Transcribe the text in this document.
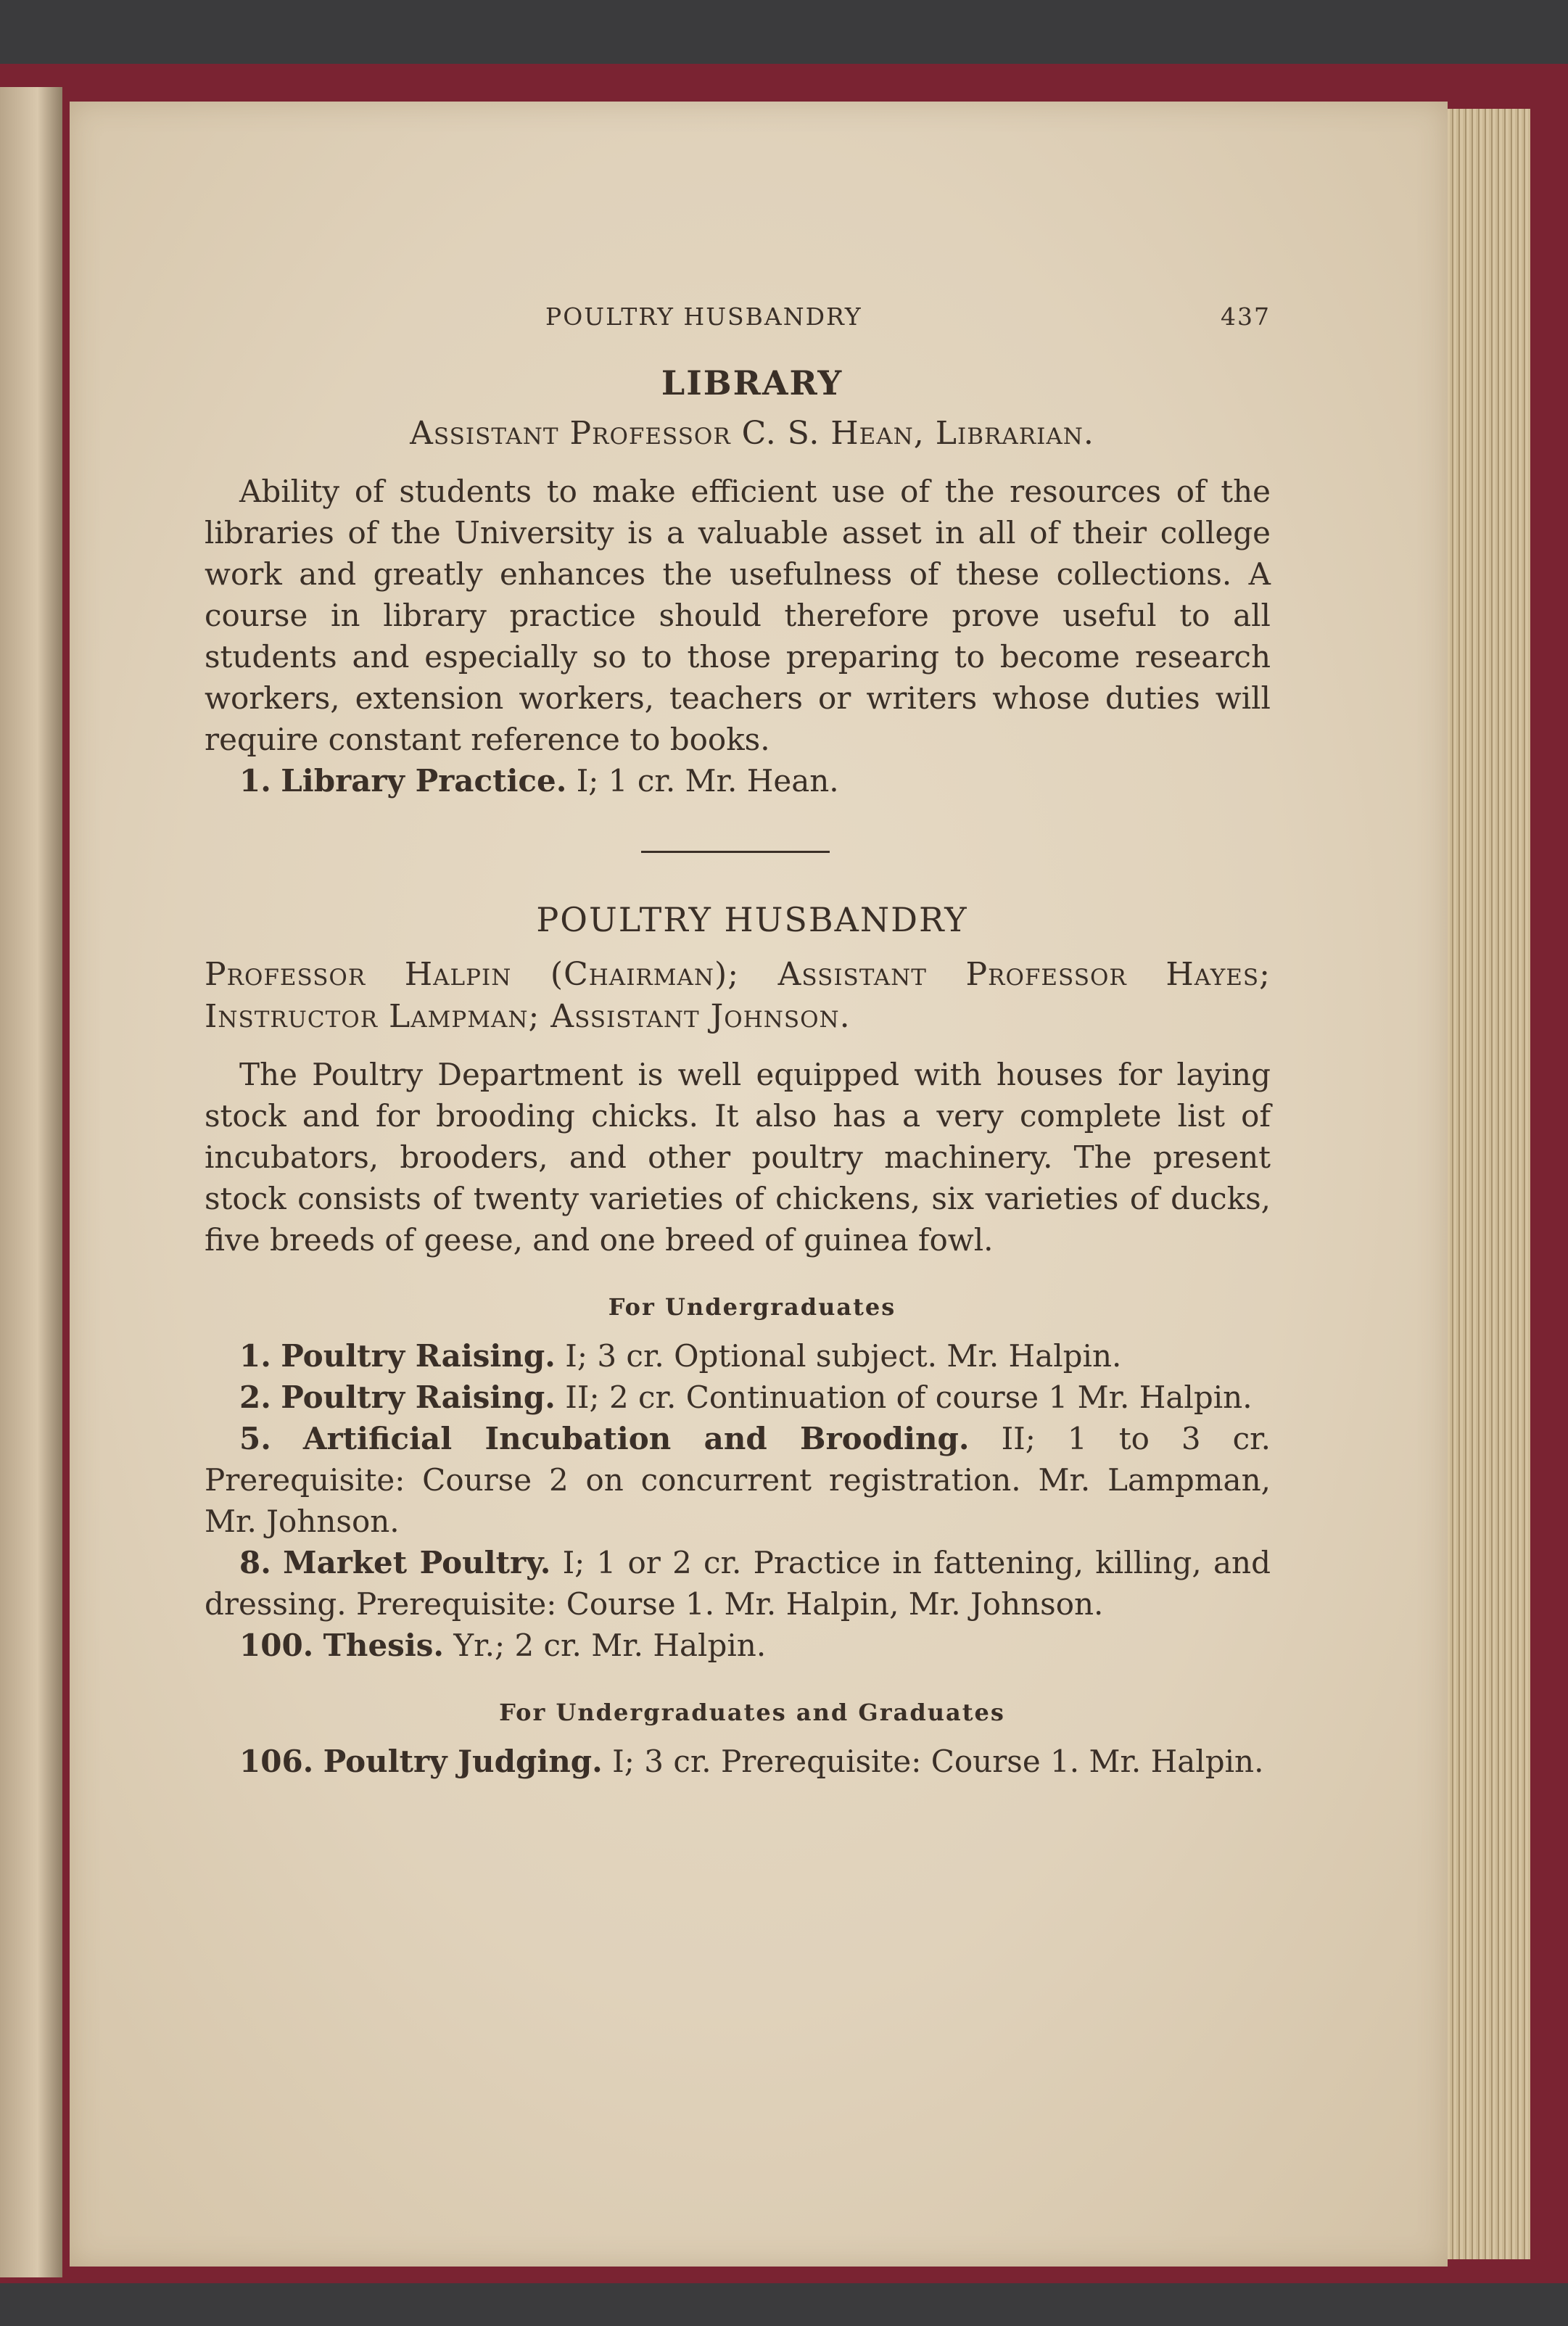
POULTRY HUSBANDRY	437
LIBRARY
Assistant Professor C. S. Hean, Librarian.

Ability of students to make efficient use of the resources of the libraries of the University is a valuable asset in all of their college work and greatly enhances the usefulness of these collections. A course in library practice should therefore prove useful to all students and especially so to those preparing to become research workers, extension workers, teachers or writers whose duties will require constant reference to books.

1. Library Practice. I; 1 cr. Mr. Hean.

POULTRY HUSBANDRY

Professor Halpin (Chairman); Assistant Professor Hayes; Instructor Lampman; Assistant Johnson.

The Poultry Department is well equipped with houses for laying stock and for brooding chicks. It also has a very complete list of incubators, brooders, and other poultry machinery. The present stock consists of twenty varieties of chickens, six varieties of ducks, five breeds of geese, and one breed of guinea fowl.

For Undergraduates

1. Poultry Raising. I; 3 cr. Optional subject. Mr. Halpin.

2. Poultry Raising. II; 2 cr. Continuation of course 1 Mr. Halpin.

5. Artificial Incubation and Brooding. II; 1 to 3 cr. Prerequisite: Course 2 on concurrent registration. Mr. Lampman, Mr. Johnson.

8. Market Poultry. I; 1 or 2 cr. Practice in fattening, killing, and dressing. Prerequisite: Course 1. Mr. Halpin, Mr. Johnson.

100. Thesis. Yr.; 2 cr. Mr. Halpin.

For Undergraduates and Graduates

106. Poultry Judging. I; 3 cr. Prerequisite: Course 1. Mr. Halpin.
